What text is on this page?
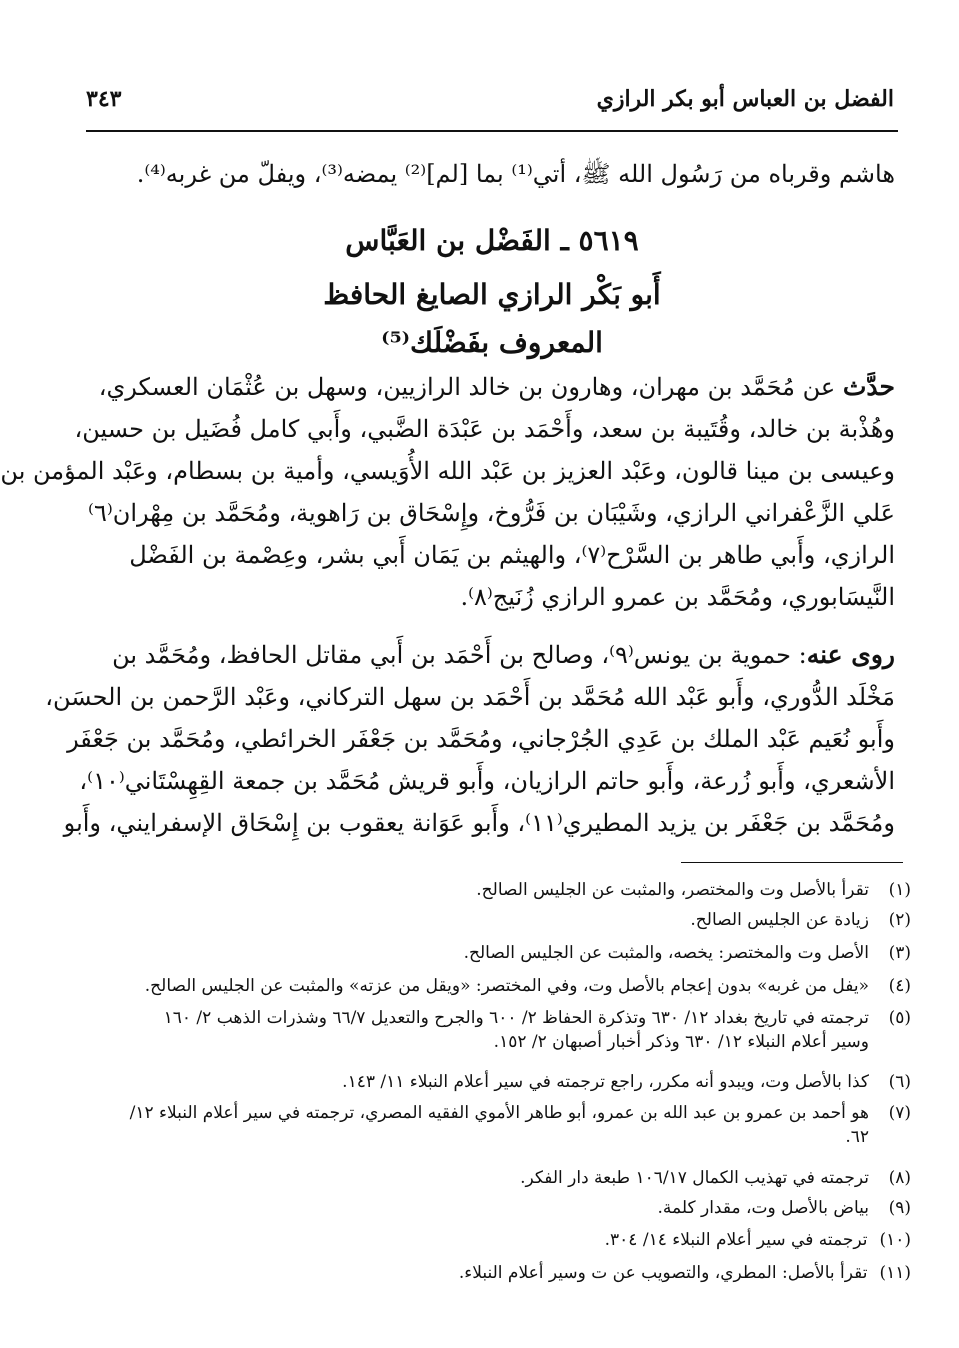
الفضل بن العباس أبو بكر الرازي
٣٤٣
هاشم وقرباه من رَسُول الله ﷺ، أتي⁽¹⁾ بما [لم]⁽²⁾ يمضه⁽³⁾، ويفلّ من غربه⁽⁴⁾.
٥٦١٩ ـ الفَضْل بن العَبَّاس
أَبو بَكْر الرازي الصايغ الحافظ
المعروف بفَضْلَك⁽⁵⁾
حدَّث عن مُحَمَّد بن مهران، وهارون بن خالد الرازيين، وسهل بن عُثْمَان العسكري،
وهُذْبة بن خالد، وقُتَيبة بن سعد، وأَحْمَد بن عَبْدَة الضَّبي، وأَبي كامل فُضَيل بن حسين،
وعيسى بن مينا قالون، وعَبْد العزيز بن عَبْد الله الأُوَيسي، وأمية بن بسطام، وعَبْد المؤمن بن
عَلي الزَّعْفراني الرازي، وشَيْبَان بن فَرُّوخ، وإِسْحَاق بن رَاهوية، ومُحَمَّد بن مِهْران⁽٦⁾
الرازي، وأَبي طاهر بن السَّرْح⁽٧⁾، والهيثم بن يَمَان أَبي بشر، وعِصْمة بن الفَضْل
النَّيسَابوري، ومُحَمَّد بن عمرو الرازي زُنَيج⁽٨⁾.
روى عنه: حموية بن يونس⁽٩⁾، وصالح بن أَحْمَد بن أَبي مقاتل الحافظ، ومُحَمَّد بن
مَخْلَد الدُّوري، وأَبو عَبْد الله مُحَمَّد بن أَحْمَد بن سهل التركاني، وعَبْد الرَّحمن بن الحسَن،
وأَبو نُعَيم عَبْد الملك بن عَدِي الجُرْجاني، ومُحَمَّد بن جَعْفَر الخرائطي، ومُحَمَّد بن جَعْفَر
الأشعري، وأَبو زُرعة، وأَبو حاتم الرازيان، وأَبو قريش مُحَمَّد بن جمعة القِهِسْتَاني⁽١٠⁾،
ومُحَمَّد بن جَعْفَر بن يزيد المطيري⁽١١⁾، وأَبو عَوَانة يعقوب بن إِسْحَاق الإسفرايني، وأَبو
(١)تقرأ بالأصل وت والمختصر، والمثبت عن الجليس الصالح.
(٢)زيادة عن الجليس الصالح.
(٣)الأصل وت والمختصر: يخصه، والمثبت عن الجليس الصالح.
(٤)«يفل من غربه» بدون إعجام بالأصل وت، وفي المختصر: «ويقل من عزته» والمثبت عن الجليس الصالح.
(٥)ترجمته في تاريخ بغداد ١٢/ ٦٣٠ وتذكرة الحفاظ ٢/ ٦٠٠ والجرح والتعديل ٦٦/٧ وشذرات الذهب ٢/ ١٦٠
وسير أعلام النبلاء ١٢/ ٦٣٠ وذكر أخبار أصبهان ٢/ ١٥٢.
(٦)كذا بالأصل وت، ويبدو أنه مكرر، راجع ترجمته في سير أعلام النبلاء ١١/ ١٤٣.
(٧)هو أحمد بن عمرو بن عبد الله بن عمرو، أبو طاهر الأموي الفقيه المصري، ترجمته في سير أعلام النبلاء ١٢/
٦٢.
(٨)ترجمته في تهذيب الكمال ١٠٦/١٧ طبعة دار الفكر.
(٩)بياض بالأصل وت، مقدار كلمة.
(١٠)ترجمته في سير أعلام النبلاء ١٤/ ٣٠٤.
(١١)تقرأ بالأصل: المطري، والتصويب عن ت وسير أعلام النبلاء.
